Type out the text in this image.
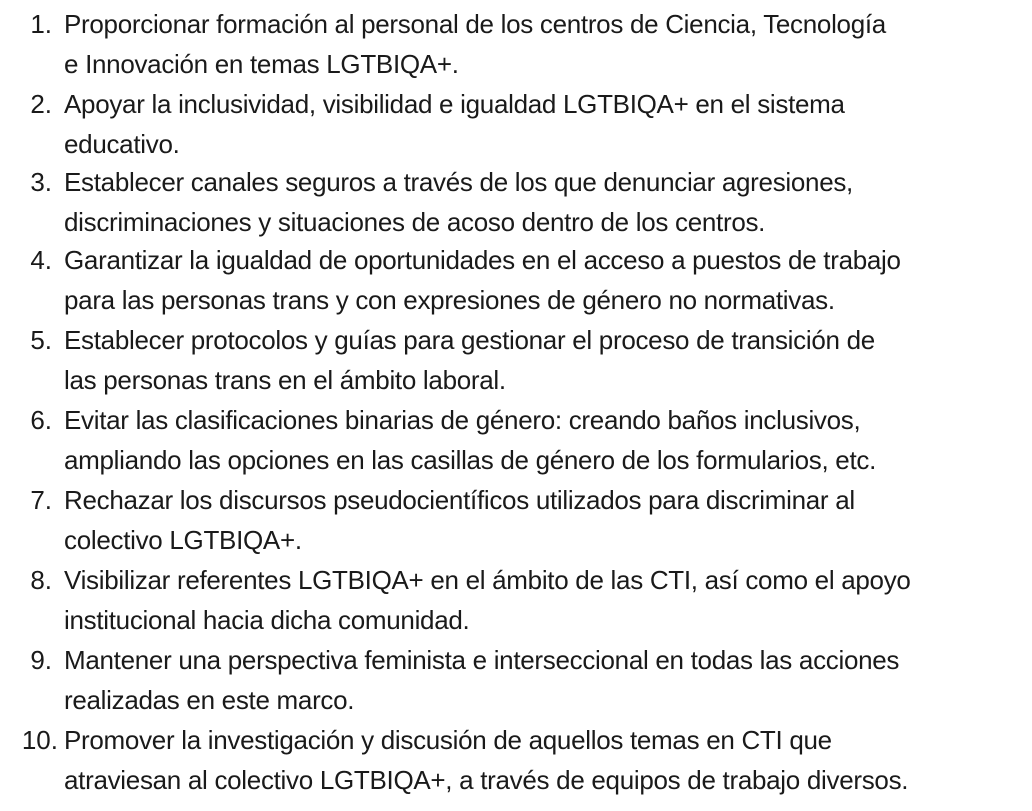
1. Proporcionar formación al personal de los centros de Ciencia, Tecnología
e Innovación en temas LGTBIQA+.
2. Apoyar la inclusividad, visibilidad e igualdad LGTBIQA+ en el sistema
educativo.
3. Establecer canales seguros a través de los que denunciar agresiones,
discriminaciones y situaciones de acoso dentro de los centros.
4. Garantizar la igualdad de oportunidades en el acceso a puestos de trabajo
para las personas trans y con expresiones de género no normativas.
5. Establecer protocolos y guías para gestionar el proceso de transición de
las personas trans en el ámbito laboral.
6. Evitar las clasificaciones binarias de género: creando baños inclusivos,
ampliando las opciones en las casillas de género de los formularios, etc.
7. Rechazar los discursos pseudocientíficos utilizados para discriminar al
colectivo LGTBIQA+.
8. Visibilizar referentes LGTBIQA+ en el ámbito de las CTI, así como el apoyo
institucional hacia dicha comunidad.
9. Mantener una perspectiva feminista e interseccional en todas las acciones
realizadas en este marco.
10. Promover la investigación y discusión de aquellos temas en CTI que
atraviesan al colectivo LGTBIQA+, a través de equipos de trabajo diversos.
